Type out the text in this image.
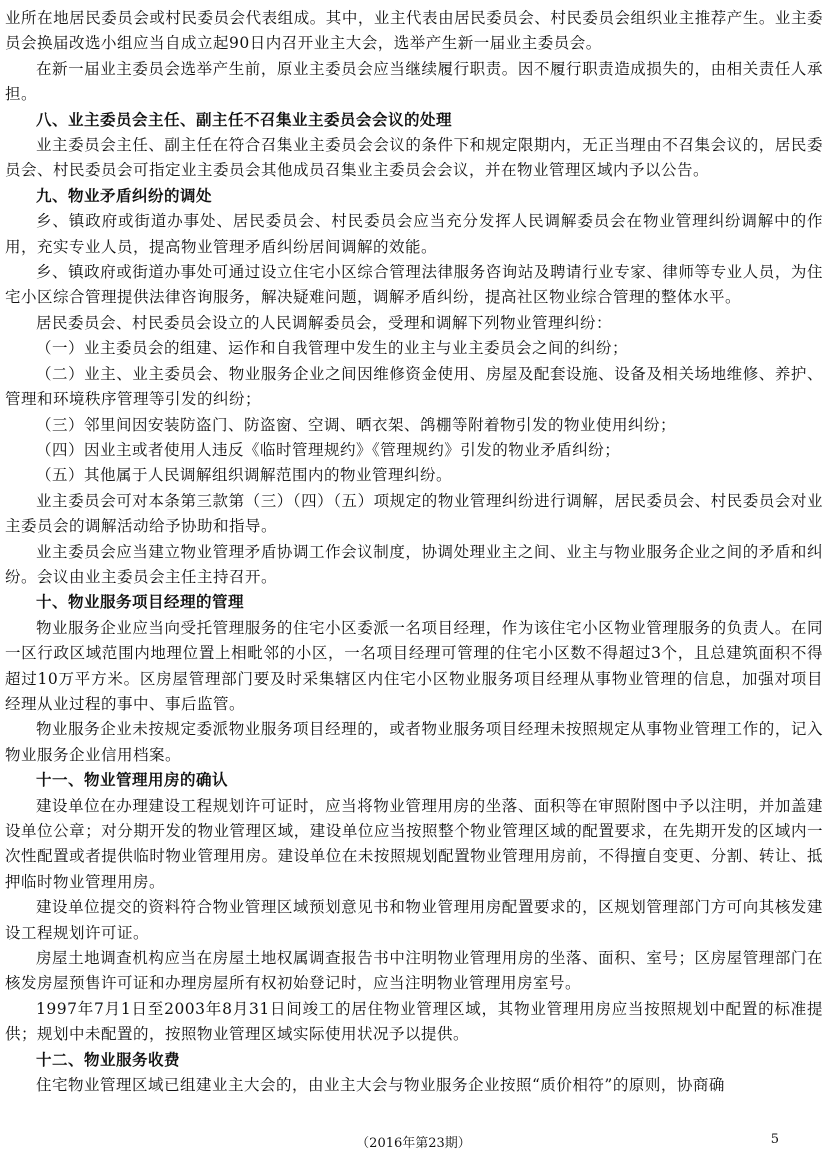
业所在地居民委员会或村民委员会代表组成。其中，业主代表由居民委员会、村民委员会组织业主推荐产生。业主委员会换届改选小组应当自成立起90日内召开业主大会，选举产生新一届业主委员会。

在新一届业主委员会选举产生前，原业主委员会应当继续履行职责。因不履行职责造成损失的，由相关责任人承担。

八、业主委员会主任、副主任不召集业主委员会会议的处理

业主委员会主任、副主任在符合召集业主委员会会议的条件下和规定限期内，无正当理由不召集会议的，居民委员会、村民委员会可指定业主委员会其他成员召集业主委员会会议，并在物业管理区域内予以公告。

九、物业矛盾纠纷的调处

乡、镇政府或街道办事处、居民委员会、村民委员会应当充分发挥人民调解委员会在物业管理纠纷调解中的作用，充实专业人员，提高物业管理矛盾纠纷居间调解的效能。

乡、镇政府或街道办事处可通过设立住宅小区综合管理法律服务咨询站及聘请行业专家、律师等专业人员，为住宅小区综合管理提供法律咨询服务，解决疑难问题，调解矛盾纠纷，提高社区物业综合管理的整体水平。

居民委员会、村民委员会设立的人民调解委员会，受理和调解下列物业管理纠纷：

（一）业主委员会的组建、运作和自我管理中发生的业主与业主委员会之间的纠纷；

（二）业主、业主委员会、物业服务企业之间因维修资金使用、房屋及配套设施、设备及相关场地维修、养护、管理和环境秩序管理等引发的纠纷；

（三）邻里间因安装防盗门、防盗窗、空调、晒衣架、鸽棚等附着物引发的物业使用纠纷；

（四）因业主或者使用人违反《临时管理规约》《管理规约》引发的物业矛盾纠纷；

（五）其他属于人民调解组织调解范围内的物业管理纠纷。

业主委员会可对本条第三款第（三）（四）（五）项规定的物业管理纠纷进行调解，居民委员会、村民委员会对业主委员会的调解活动给予协助和指导。

业主委员会应当建立物业管理矛盾协调工作会议制度，协调处理业主之间、业主与物业服务企业之间的矛盾和纠纷。会议由业主委员会主任主持召开。

十、物业服务项目经理的管理

物业服务企业应当向受托管理服务的住宅小区委派一名项目经理，作为该住宅小区物业管理服务的负责人。在同一区行政区域范围内地理位置上相毗邻的小区，一名项目经理可管理的住宅小区数不得超过3个，且总建筑面积不得超过10万平方米。区房屋管理部门要及时采集辖区内住宅小区物业服务项目经理从事物业管理的信息，加强对项目经理从业过程的事中、事后监管。

物业服务企业未按规定委派物业服务项目经理的，或者物业服务项目经理未按照规定从事物业管理工作的，记入物业服务企业信用档案。

十一、物业管理用房的确认

建设单位在办理建设工程规划许可证时，应当将物业管理用房的坐落、面积等在审照附图中予以注明，并加盖建设单位公章；对分期开发的物业管理区域，建设单位应当按照整个物业管理区域的配置要求，在先期开发的区域内一次性配置或者提供临时物业管理用房。建设单位在未按照规划配置物业管理用房前，不得擅自变更、分割、转让、抵押临时物业管理用房。

建设单位提交的资料符合物业管理区域预划意见书和物业管理用房配置要求的，区规划管理部门方可向其核发建设工程规划许可证。

房屋土地调查机构应当在房屋土地权属调查报告书中注明物业管理用房的坐落、面积、室号；区房屋管理部门在核发房屋预售许可证和办理房屋所有权初始登记时，应当注明物业管理用房室号。

1997年7月1日至2003年8月31日间竣工的居住物业管理区域，其物业管理用房应当按照规划中配置的标准提供；规划中未配置的，按照物业管理区域实际使用状况予以提供。

十二、物业服务收费

住宅物业管理区域已组建业主大会的，由业主大会与物业服务企业按照“质价相符”的原则，协商确

（2016年第23期）	5
